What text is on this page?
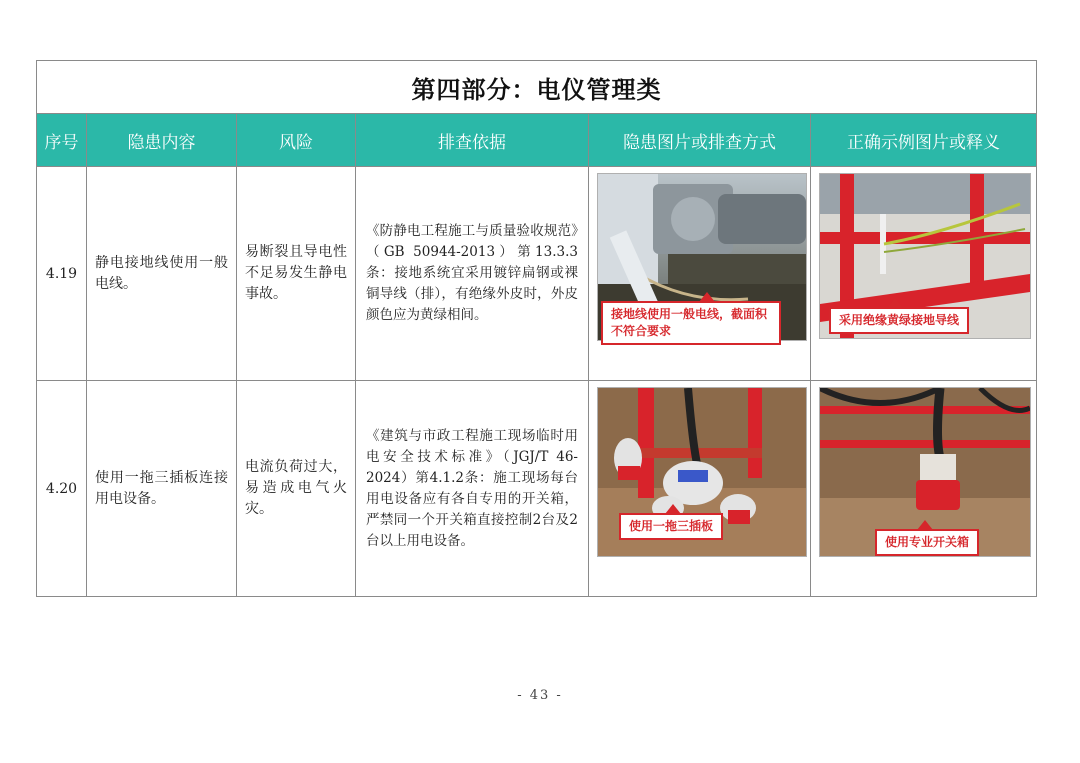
第四部分：电仪管理类					
序号	隐患内容	风险	排查依据	隐患图片或排查方式	正确示例图片或释义
4.19	静电接地线使用一般电线。	易断裂且导电性不足易发生静电事故。	《防静电工程施工与质量验收规范》（GB 50944-2013）第13.3.3条：接地系统宜采用镀锌扁钢或裸铜导线（排），有绝缘外皮时，外皮颜色应为黄绿相间。	接地线使用一般电线，截面积不符合要求	采用绝缘黄绿接地导线

4.20	使用一拖三插板连接用电设备。	电流负荷过大，易造成电气火灾。	《建筑与市政工程施工现场临时用电安全技术标准》（JGJ/T 46-2024）第4.1.2条：施工现场每台用电设备应有各自专用的开关箱，严禁同一个开关箱直接控制2台及2台以上用电设备。	使用一拖三插板	使用专业开关箱
- 43 -
